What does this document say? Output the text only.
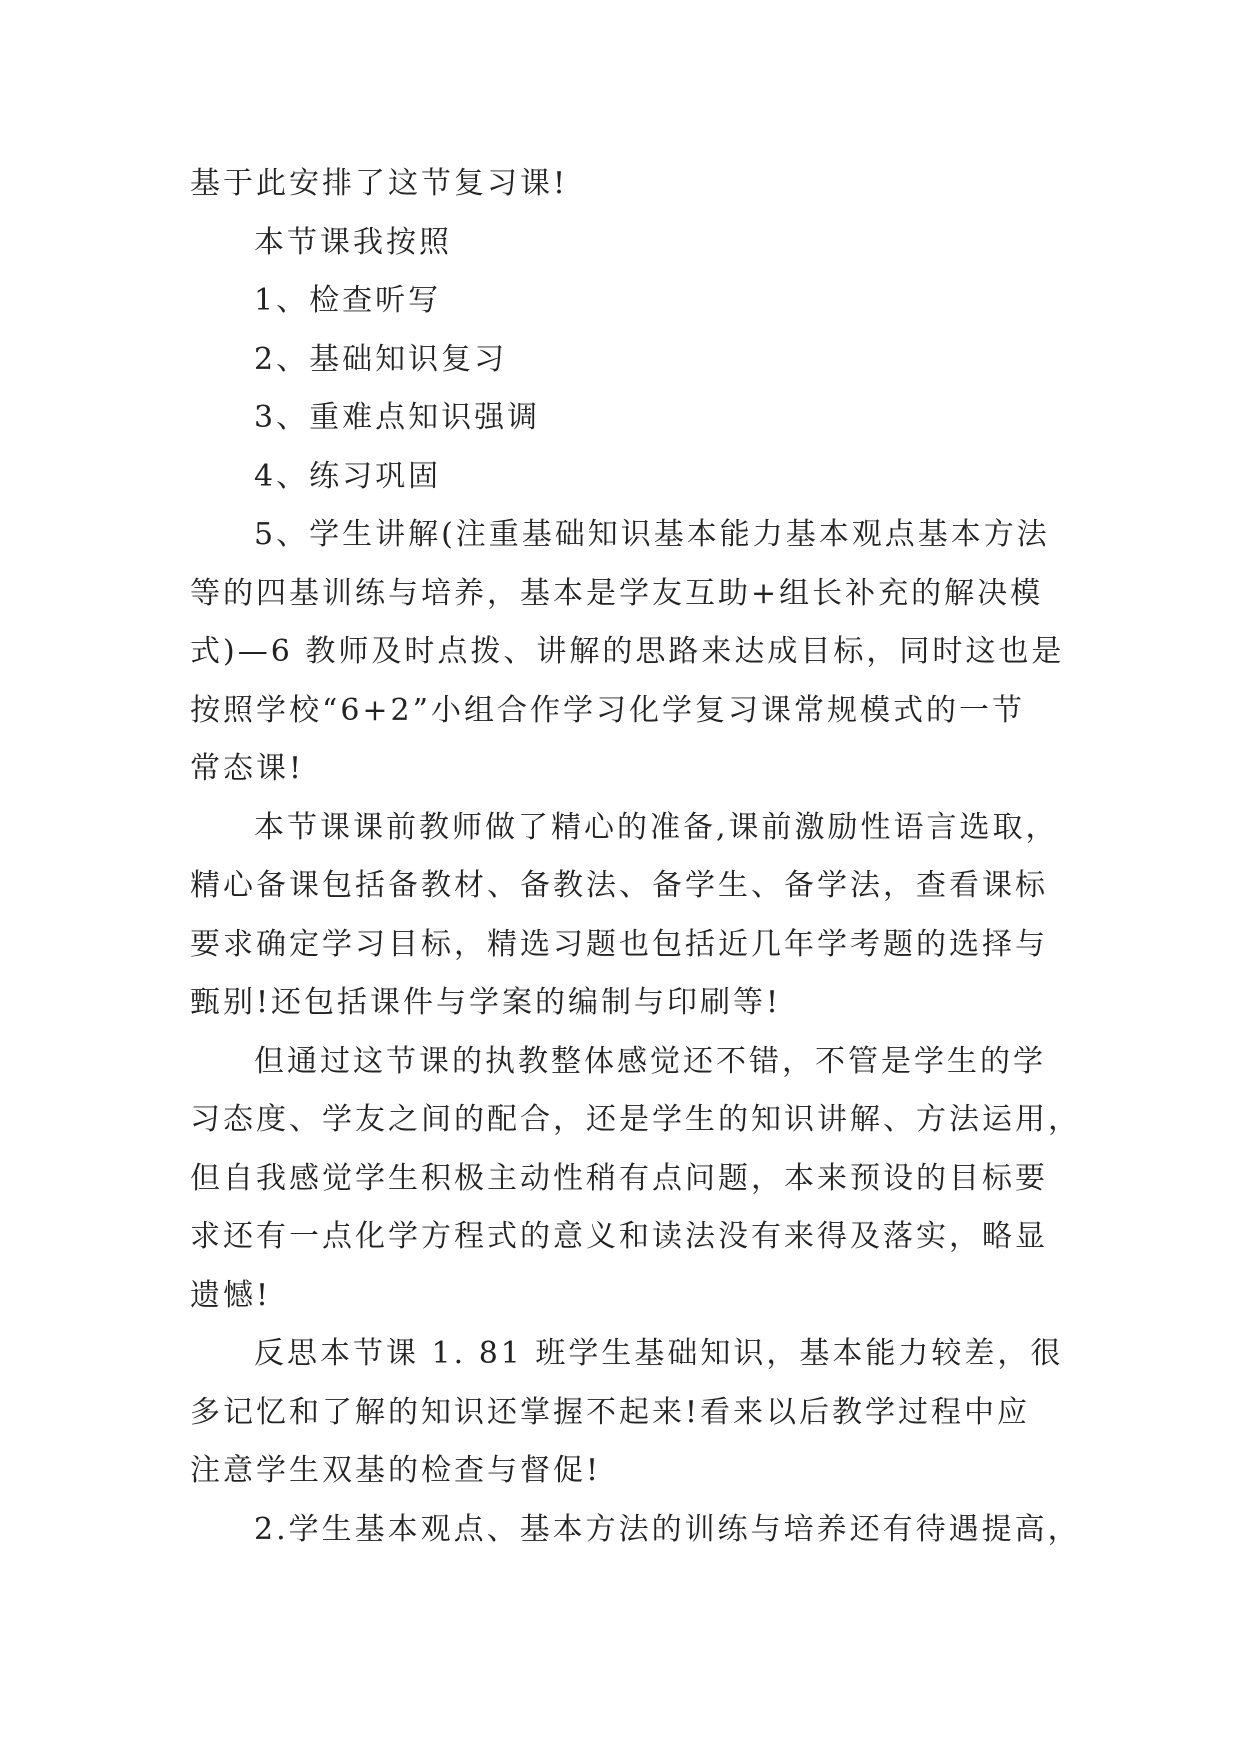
基于此安排了这节复习课!
本节课我按照
1、检查听写
2、基础知识复习
3、重难点知识强调
4、练习巩固
5、学生讲解(注重基础知识基本能力基本观点基本方法
等的四基训练与培养，基本是学友互助+组长补充的解决模
式)—6 教师及时点拨、讲解的思路来达成目标，同时这也是
按照学校“6+2”小组合作学习化学复习课常规模式的一节
常态课!
本节课课前教师做了精心的准备,课前激励性语言选取，
精心备课包括备教材、备教法、备学生、备学法，查看课标
要求确定学习目标，精选习题也包括近几年学考题的选择与
甄别!还包括课件与学案的编制与印刷等!
但通过这节课的执教整体感觉还不错，不管是学生的学
习态度、学友之间的配合，还是学生的知识讲解、方法运用，
但自我感觉学生积极主动性稍有点问题，本来预设的目标要
求还有一点化学方程式的意义和读法没有来得及落实，略显
遗憾!
反思本节课 1. 81 班学生基础知识，基本能力较差，很
多记忆和了解的知识还掌握不起来!看来以后教学过程中应
注意学生双基的检查与督促!
2.学生基本观点、基本方法的训练与培养还有待遇提高，
